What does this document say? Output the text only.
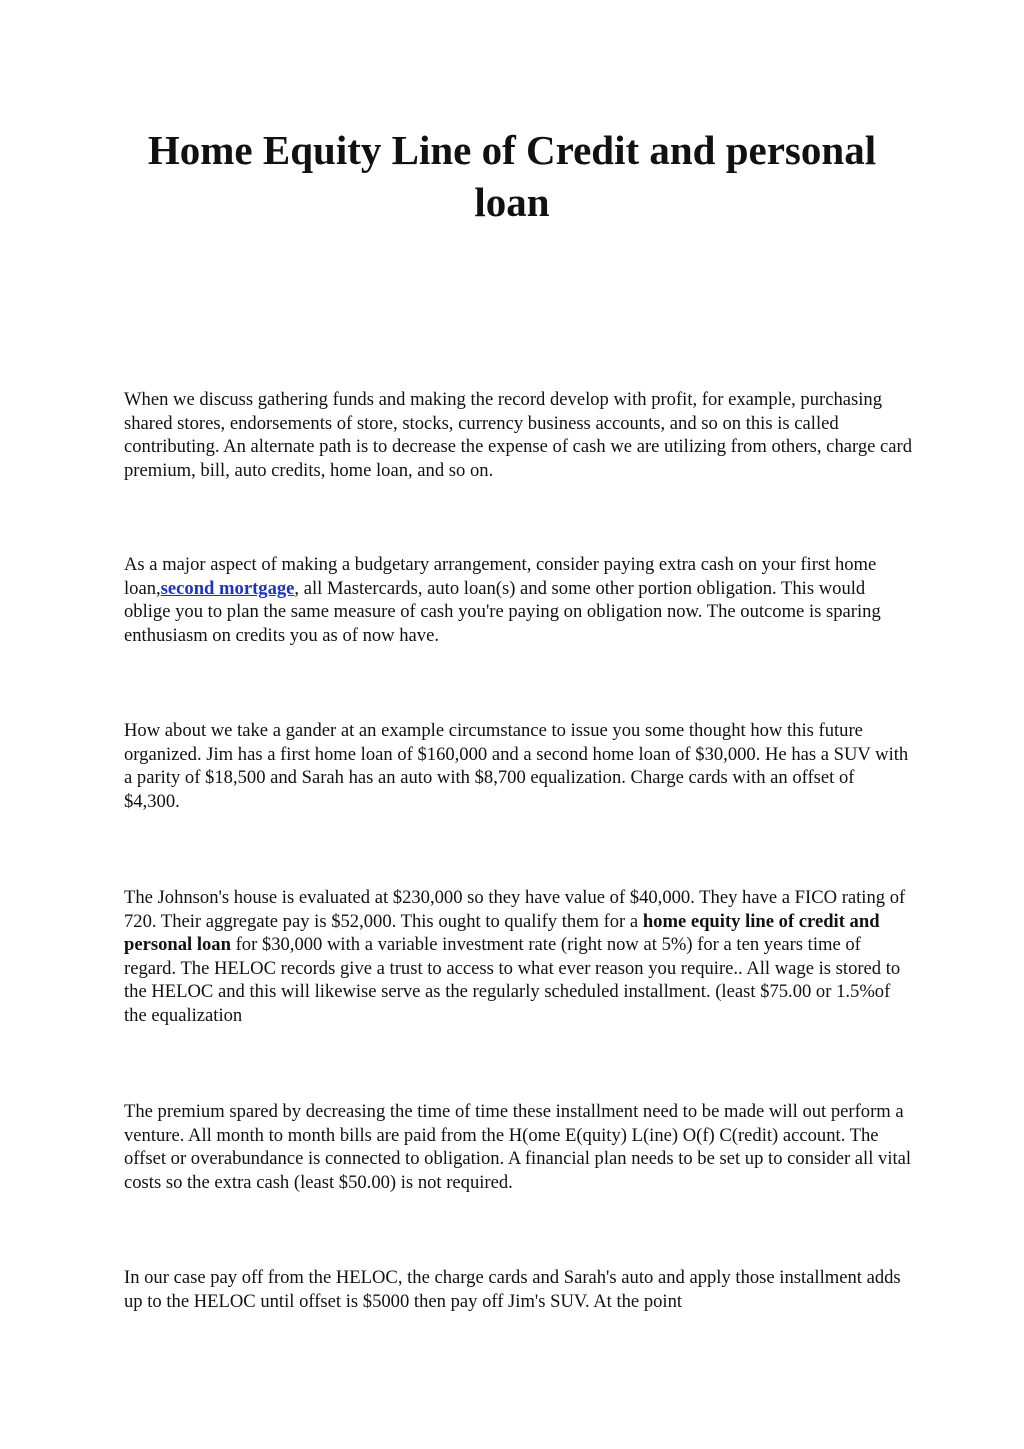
Home Equity Line of Credit and personal loan

When we discuss gathering funds and making the record develop with profit, for example, purchasing shared stores, endorsements of store, stocks, currency business accounts, and so on this is called contributing. An alternate path is to decrease the expense of cash we are utilizing from others, charge card premium, bill, auto credits, home loan, and so on.

As a major aspect of making a budgetary arrangement, consider paying extra cash on your first home loan,second mortgage, all Mastercards, auto loan(s) and some other portion obligation. This would oblige you to plan the same measure of cash you're paying on obligation now. The outcome is sparing enthusiasm on credits you as of now have.

How about we take a gander at an example circumstance to issue you some thought how this future organized. Jim has a first home loan of $160,000 and a second home loan of $30,000. He has a SUV with a parity of $18,500 and Sarah has an auto with $8,700 equalization. Charge cards with an offset of $4,300.

The Johnson's house is evaluated at $230,000 so they have value of $40,000. They have a FICO rating of 720. Their aggregate pay is $52,000. This ought to qualify them for a home equity line of credit and personal loan for $30,000 with a variable investment rate (right now at 5%) for a ten years time of regard. The HELOC records give a trust to access to what ever reason you require.. All wage is stored to the HELOC and this will likewise serve as the regularly scheduled installment. (least $75.00 or 1.5%of the equalization

The premium spared by decreasing the time of time these installment need to be made will out perform a venture. All month to month bills are paid from the H(ome E(quity) L(ine) O(f) C(redit) account. The offset or overabundance is connected to obligation. A financial plan needs to be set up to consider all vital costs so the extra cash (least $50.00) is not required.

In our case pay off from the HELOC, the charge cards and Sarah's auto and apply those installment adds up to the HELOC until offset is $5000 then pay off Jim's SUV. At the point
